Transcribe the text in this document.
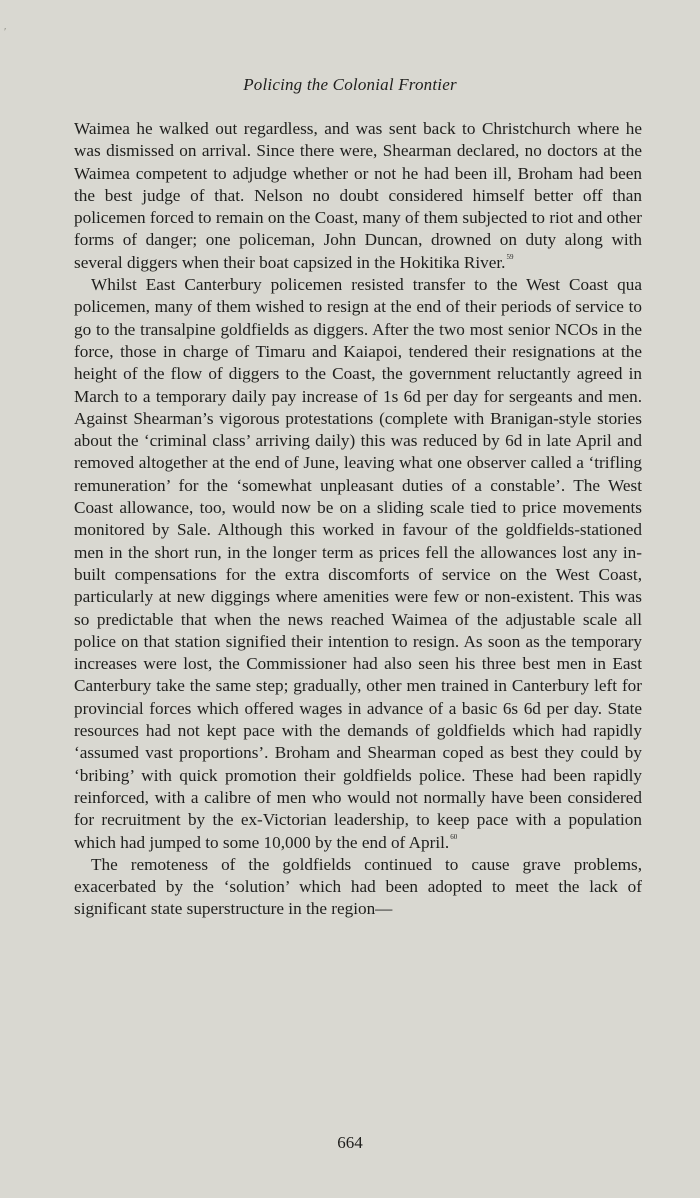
ʹ
Policing the Colonial Frontier

Waimea he walked out regardless, and was sent back to Christchurch where he was dismissed on arrival. Since there were, Shearman declared, no doctors at the Waimea competent to adjudge whether or not he had been ill, Broham had been the best judge of that. Nelson no doubt considered himself better off than policemen forced to remain on the Coast, many of them subjected to riot and other forms of danger; one policeman, John Duncan, drowned on duty along with several diggers when their boat capsized in the Hokitika River.$^{59}$

Whilst East Canterbury policemen resisted transfer to the West Coast qua policemen, many of them wished to resign at the end of their periods of service to go to the transalpine goldfields as diggers. After the two most senior NCOs in the force, those in charge of Timaru and Kaiapoi, tendered their resignations at the height of the flow of diggers to the Coast, the government reluctantly agreed in March to a temporary daily pay increase of 1s 6d per day for sergeants and men. Against Shearman’s vigorous protestations (complete with Branigan-style stories about the ‘criminal class’ arriving daily) this was reduced by 6d in late April and removed altogether at the end of June, leaving what one observer called a ‘trifling remuneration’ for the ‘somewhat unpleasant duties of a constable’. The West Coast allowance, too, would now be on a sliding scale tied to price movements monitored by Sale. Although this worked in favour of the goldfields-stationed men in the short run, in the longer term as prices fell the allowances lost any in-built compensations for the extra discomforts of service on the West Coast, particularly at new diggings where amenities were few or non-existent. This was so predictable that when the news reached Waimea of the adjustable scale all police on that station signified their intention to resign. As soon as the temporary increases were lost, the Commissioner had also seen his three best men in East Canterbury take the same step; gradually, other men trained in Canterbury left for provincial forces which offered wages in advance of a basic 6s 6d per day. State resources had not kept pace with the demands of goldfields which had rapidly ‘assumed vast proportions’. Broham and Shearman coped as best they could by ‘bribing’ with quick promotion their goldfields police. These had been rapidly reinforced, with a calibre of men who would not normally have been considered for recruitment by the ex-Victorian leadership, to keep pace with a population which had jumped to some 10,000 by the end of April.$^{60}$

The remoteness of the goldfields continued to cause grave problems, exacerbated by the ‘solution’ which had been adopted to meet the lack of significant state superstructure in the region—

664
